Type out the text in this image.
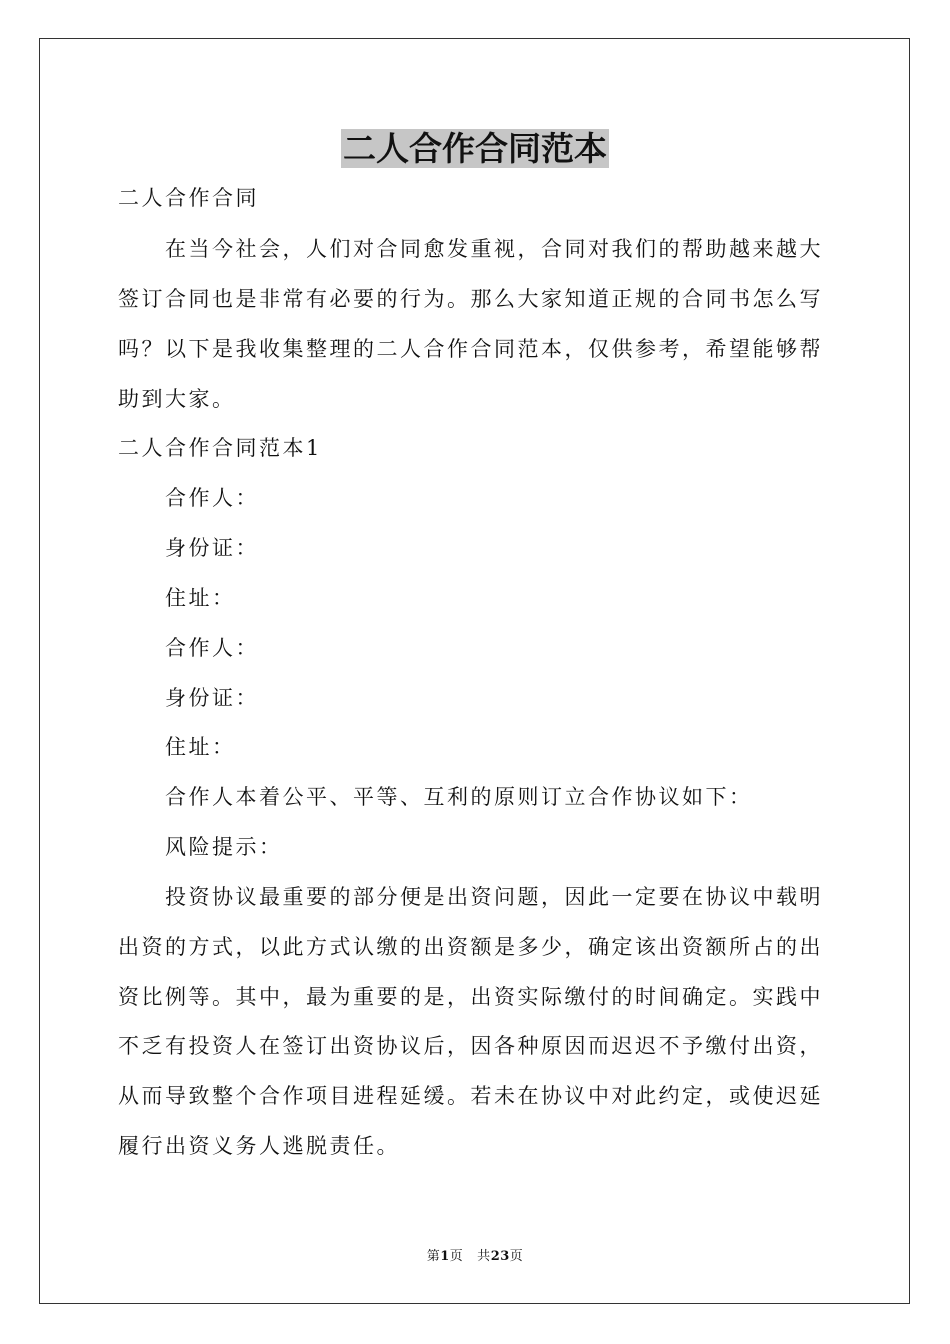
二人合作合同范本
二人合作合同
在当今社会，人们对合同愈发重视，合同对我们的帮助越来越大
签订合同也是非常有必要的行为。那么大家知道正规的合同书怎么写
吗？以下是我收集整理的二人合作合同范本，仅供参考，希望能够帮
助到大家。
二人合作合同范本1
合作人：
身份证：
住址：
合作人：
身份证：
住址：
合作人本着公平、平等、互利的原则订立合作协议如下：
风险提示：
投资协议最重要的部分便是出资问题，因此一定要在协议中载明
出资的方式，以此方式认缴的出资额是多少，确定该出资额所占的出
资比例等。其中，最为重要的是，出资实际缴付的时间确定。实践中
不乏有投资人在签订出资协议后，因各种原因而迟迟不予缴付出资，
从而导致整个合作项目进程延缓。若未在协议中对此约定，或使迟延
履行出资义务人逃脱责任。
第1页 共23页
